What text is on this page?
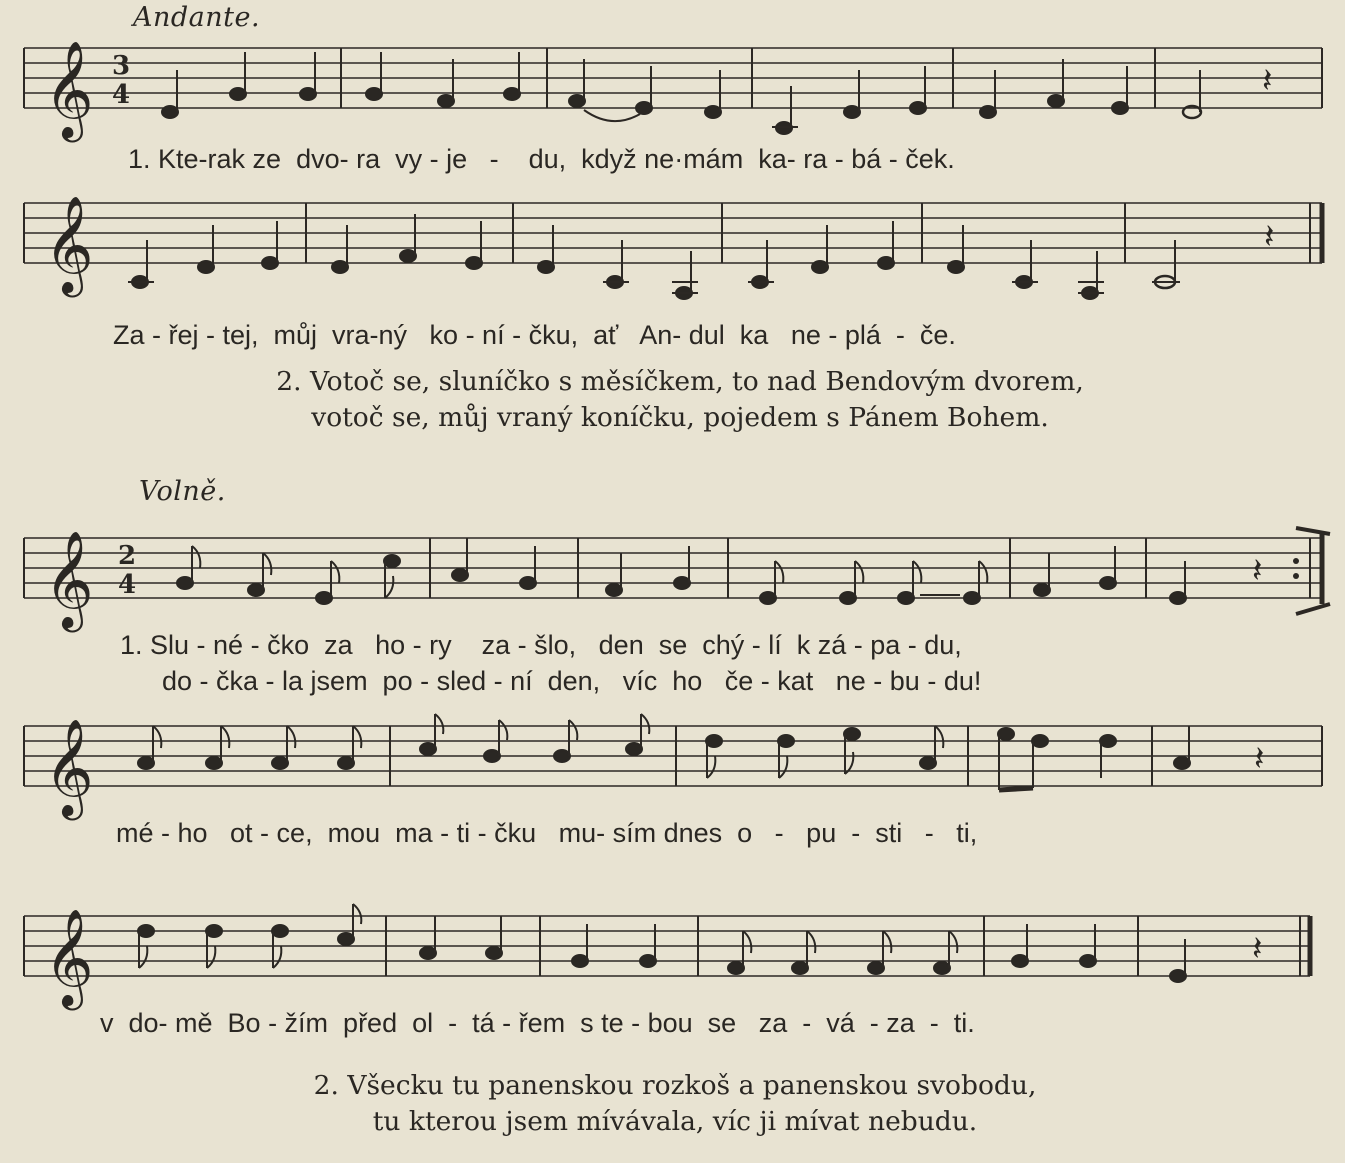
Andante.
𝄞 3
4	𝄽
1. Kte-rak ze  dvo- ra  vy - je   -    du,  když ne·mám  ka- ra - bá - ček.
𝄞	𝄽
Za - řej - tej,  můj  vra-ný   ko - ní - čku,  ať   An- dul  ka   ne - plá  -  če.
2. Votoč se, sluníčko s měsíčkem, to nad Bendovým dvorem,
votoč se, můj vraný koníčku, pojedem s Pánem Bohem.
Volně.
𝄞 2
4	𝄽
1. Slu - né - čko  za   ho - ry    za - šlo,   den  se  chý - lí  k zá - pa - du,
do - čka - la jsem  po - sled - ní  den,   víc  ho   če - kat   ne - bu - du!
𝄞	𝄽
mé - ho   ot - ce,  mou  ma - ti - čku   mu- sím dnes  o   -   pu  -  sti   -   ti,
𝄞	𝄽
v  do- mě  Bo - žím  před  ol  -  tá - řem  s te - bou  se   za  -  vá  - za  -  ti.
2. Všecku tu panenskou rozkoš a panenskou svobodu,
tu kterou jsem mívávala, víc ji mívat nebudu.
